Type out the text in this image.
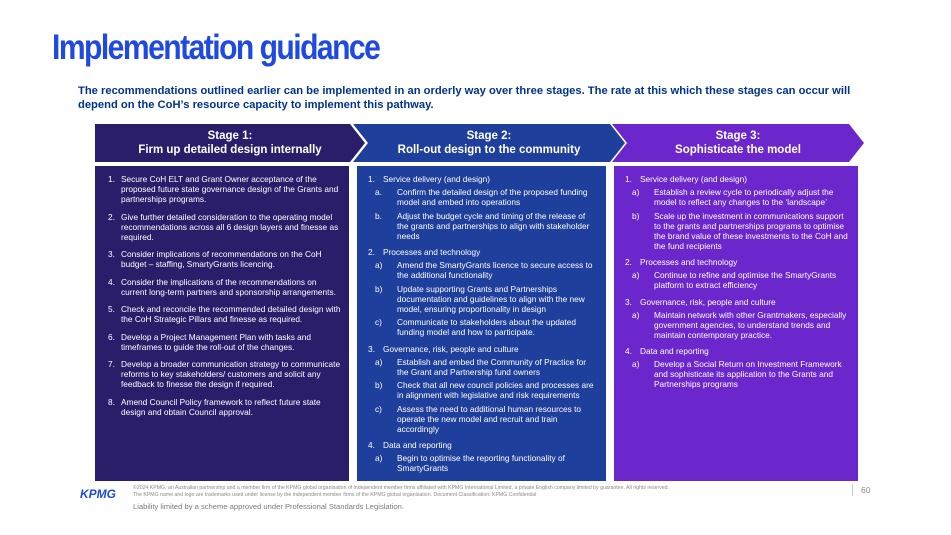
Implementation guidance
The recommendations outlined earlier can be implemented in an orderly way over three stages. The rate at this which these stages can occur will depend on the CoH’s resource capacity to implement this pathway.
Stage 1:
Firm up detailed design internally
Stage 2:
Roll-out design to the community
Stage 3:
Sophisticate the model
1. Secure CoH ELT and Grant Owner acceptance of the proposed future state governance design of the Grants and partnerships programs.
2. Give further detailed consideration to the operating model recommendations across all 6 design layers and finesse as required.
3. Consider implications of recommendations on the CoH budget – staffing, SmartyGrants licencing.
4. Consider the implications of the recommendations on current long-term partners and sponsorship arrangements.
5. Check and reconcile the recommended detailed design with the CoH Strategic Pillars and finesse as required.
6. Develop a Project Management Plan with tasks and timeframes to guide the roll-out of the changes.
7. Develop a broader communication strategy to communicate reforms to key stakeholders/ customers and solicit any feedback to finesse the design if required.
8. Amend Council Policy framework to reflect future state design and obtain Council approval.
1. Service delivery (and design)
a.	Confirm the detailed design of the proposed funding model and embed into operations
b.	Adjust the budget cycle and timing of the release of the grants and partnerships to align with stakeholder needs
2. Processes and technology
a)	Amend the SmartyGrants licence to secure access to the additional functionality
b)	Update supporting Grants and Partnerships documentation and guidelines to align with the new model, ensuring proportionality in design
c)	Communicate to stakeholders about the updated funding model and how to participate.
3. Governance, risk, people and culture
a)	Establish and embed the Community of Practice for the Grant and Partnership fund owners
b)	Check that all new council policies and processes are in alignment with legislative and risk requirements
c)	Assess the need to additional human resources to operate the new model and recruit and train accordingly
4. Data and reporting
a)	Begin to optimise the reporting functionality of SmartyGrants
1. Service delivery (and design)
a)	Establish a review cycle to periodically adjust the model to reflect any changes to the ‘landscape’
b)	Scale up the investment in communications support to the grants and partnerships programs to optimise the brand value of these investments to the CoH and the fund recipients
2. Processes and technology
a)	Continue to refine and optimise the SmartyGrants platform to extract efficiency
3. Governance, risk, people and culture
a)	Maintain network with other Grantmakers, especially government agencies, to understand trends and maintain contemporary practice.
4. Data and reporting
a)	Develop a Social Return on Investment Framework and sophisticate its application to the Grants and Partnerships programs
KPMG	©2024 KPMG, an Australian partnership and a member firm of the KPMG global organisation of independent member firms affiliated with KPMG International Limited, a private English company limited by guarantee. All rights reserved.
The KPMG name and logo are trademarks used under license by the independent member firms of the KPMG global organisation. Document Classification: KPMG Confidential
60
Liability limited by a scheme approved under Professional Standards Legislation.
